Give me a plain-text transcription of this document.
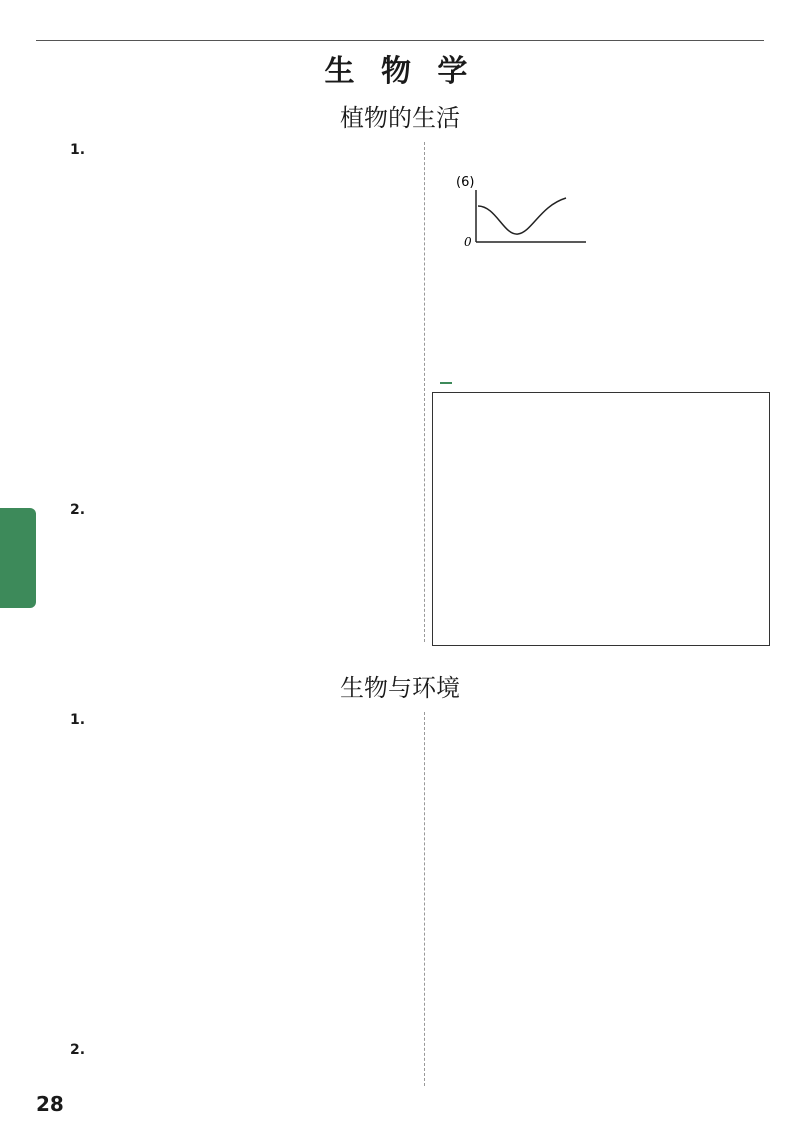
生 物 学
植物的生活
1.
2.
(6)
0
生物与环境
1.
2.
28
